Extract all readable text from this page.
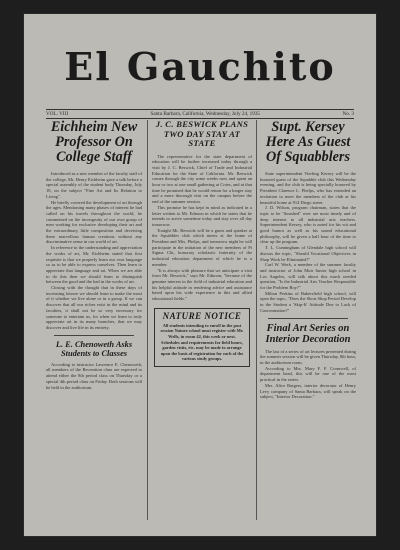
El Gauchito
VOL. VIII	Santa Barbara, California, Wednesday, July 24, 1935	No. 3
Eichheim New Professor On College Staff

Introduced as a new member of the faculty staff of the college, Mr. Henry Eichheim gave a talk before a special assembly of the student body Thursday, July 18, on the subject "Fine Art and Its Relation to Living".

He briefly covered the development of art through the ages. Mentioning many phases of interest he had called on his travels throughout the world, he commented on the incongruity of our own group of men working for exclusive developing their art and the extraordinary little composition and deceiving these marvellous human creations without any discriminative sense in our world of art.

In reference to the understanding and appreciation the works of art, Mr. Eichheim stated that first requisite is that we properly learn our own language so as to be able to express ourselves. Then learn to appreciate that language and art. When we are able to do this then we should learn to distinguish between the good and the bad in the works of art.

Closing with the thought that in these days of increasing leisure we should learn to make the most of it whether we live alone or in a group. If we can discover that all our riches exist in the mind and its faculties, it shall not be so very necessary for someone to entertain us, for when we learn to truly appreciate art in its many branches, that we may discover and live life in its entirety.

L. E. Chenoweth Asks Students to Classes

According to instructor Lawrence E. Chenoweth, all members of the Recreation class are expected to attend either the 8th period class on Thursday or a special 4th period class on Friday. Both sessions will be held in the auditorium.

J. C. BESWICK PLANS TWO DAY STAY AT STATE

The representative for the state department of education will be further increased today through a visit by J. C. Beswick, Chief of Trade and Industrial Education for the State of California. Mr. Beswick comes through the city some weeks now and spent an hour or two at one small gathering at Cotes, and at that time he promised that he would return for a longer stay and a more thorough visit on the campus before the end of the summer session.

This promise he has kept in mind as indicated in a letter written to Mr. Ednoon in which he states that he intends to arrive sometime today and stay over all day tomorrow.

Tonight Mr. Beswick will be a guest and speaker at the Squabbles club which meets at the home of President and Mrs. Phelps, and tomorrow night he will participate in the initiation of the new members of Pi Sigma Chi, honorary scholastic fraternity of the industrial education department of which he is a member.

"It is always with pleasure that we anticipate a visit from Mr. Beswick," says Mr. Ednoon, "because of the genuine interest in the field of industrial education and his helpful attitude in rendering advice and assistance based upon his wide experience in this and allied educational fields."

NATURE NOTICE

All students intending to enroll in the post session Nature school must register with Mr. Wells, in room 42, this week or next. Schedules and requirements for field hours, garden visits, etc. may be made to arrange upon the basis of registration for each of the various study groups.

Supt. Kersey Here As Guest Of Squabblers

State superintendent Vierling Kersey will be the honored guest of the Squabble club this Wednesday evening, and the club is being specially honored by President Clarence L. Phelps, who has extended an invitation to meet the members of the club at his beautiful home at 914 Diego street.

J. D. Wilson, program chairman, states that the topic to be "thrashed" over are most timely and of deep interest to all industrial arts teachers. Superintendent Kersey, who is noted for his wit and good humor as well as his sound educational philosophy, will be given a half hour of the time to clear up the program.

T. L. Cunningham of Glendale high school will discuss the topic, "Should Vocational Objectives in Shop Work be Eliminated?"

Carl W. Werk, a member of the summer faculty and instructor of John Muir Junior high school in Los Angeles, will talk about this much needed question, "Is the Industrial Arts Teacher Responsible for the Problem Boy?"

Milton Perkins of Bakersfield high school, will open the topic, "Does the Short Shop Period Develop in the Student a 'Skip-It' Attitude Due to Lack of Concentration?"

Final Art Series on Interior Decoration

The last of a series of art lectures presented during the summer session will be given Thursday, 8th hour, in the auditorium room.

According to Mrs. Mary F. F. Cromwell, of department head, this will be one of the most practical in the series.

Mrs. Alice Rutgers, interior decorator of Henry Levy company of Santa Barbara, will speak on the subject, "Interior Decoration."
